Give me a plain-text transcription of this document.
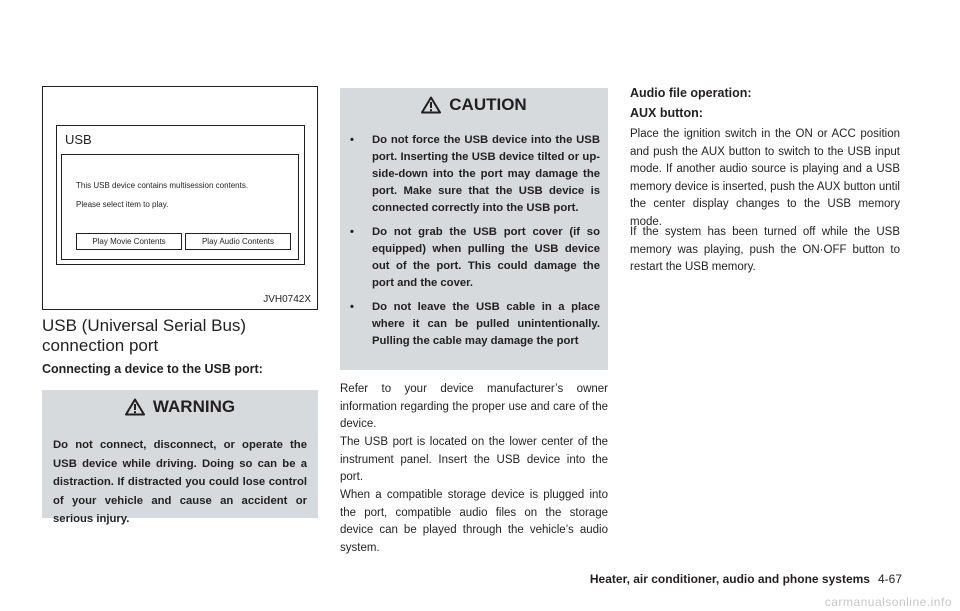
USB
This USB device contains multisession contents.
Please select item to play.
Play Movie Contents	Play Audio Contents
JVH0742X
USB (Universal Serial Bus) connection port
Connecting a device to the USB port:
WARNING
Do not connect, disconnect, or operate the USB device while driving. Doing so can be a distraction. If distracted you could lose control of your vehicle and cause an accident or serious injury.
CAUTION
•	Do not force the USB device into the USB port. Inserting the USB device tilted or up-side-down into the port may damage the port. Make sure that the USB device is connected correctly into the USB port.
•	Do not grab the USB port cover (if so equipped) when pulling the USB device out of the port. This could damage the port and the cover.
•	Do not leave the USB cable in a place where it can be pulled unintentionally. Pulling the cable may damage the port
Refer to your device manufacturer’s owner information regarding the proper use and care of the device.
The USB port is located on the lower center of the instrument panel. Insert the USB device into the port.
When a compatible storage device is plugged into the port, compatible audio files on the storage device can be played through the vehicle’s audio system.
Audio file operation:
AUX button:
Place the ignition switch in the ON or ACC position and push the AUX button to switch to the USB input mode. If another audio source is playing and a USB memory device is inserted, push the AUX button until the center display changes to the USB memory mode.
If the system has been turned off while the USB memory was playing, push the ON·OFF button to restart the USB memory.
Heater, air conditioner, audio and phone systems 4-67
carmanualsonline.info
